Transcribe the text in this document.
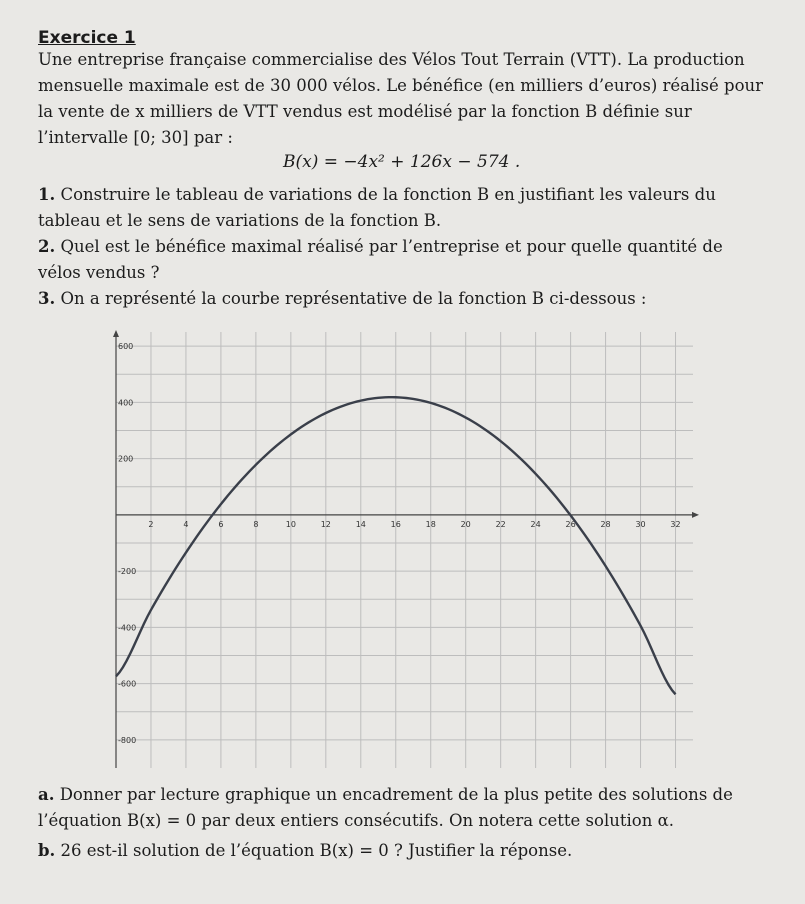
Exercice 1
Une entreprise française commercialise des Vélos Tout Terrain (VTT). La production mensuelle maximale est de 30 000 vélos. Le bénéfice (en milliers d’euros) réalisé pour la vente de x milliers de VTT vendus est modélisé par la fonction B définie sur l’intervalle [0; 30] par :
B(x) = −4x² + 126x − 574 .
1. Construire le tableau de variations de la fonction B en justifiant les valeurs du tableau et le sens de variations de la fonction B.
2. Quel est le bénéfice maximal réalisé par l’entreprise et pour quelle quantité de vélos vendus ?
3. On a représenté la courbe représentative de la fonction B ci-dessous :
2	4	6	8	10	12	14	16	18	20	22	24	26	28	30	32
600
400
200
-200
-400
-600
-800
a. Donner par lecture graphique un encadrement de la plus petite des solutions de l’équation B(x) = 0 par deux entiers consécutifs. On notera cette solution α.
b. 26 est-il solution de l’équation B(x) = 0 ? Justifier la réponse.
